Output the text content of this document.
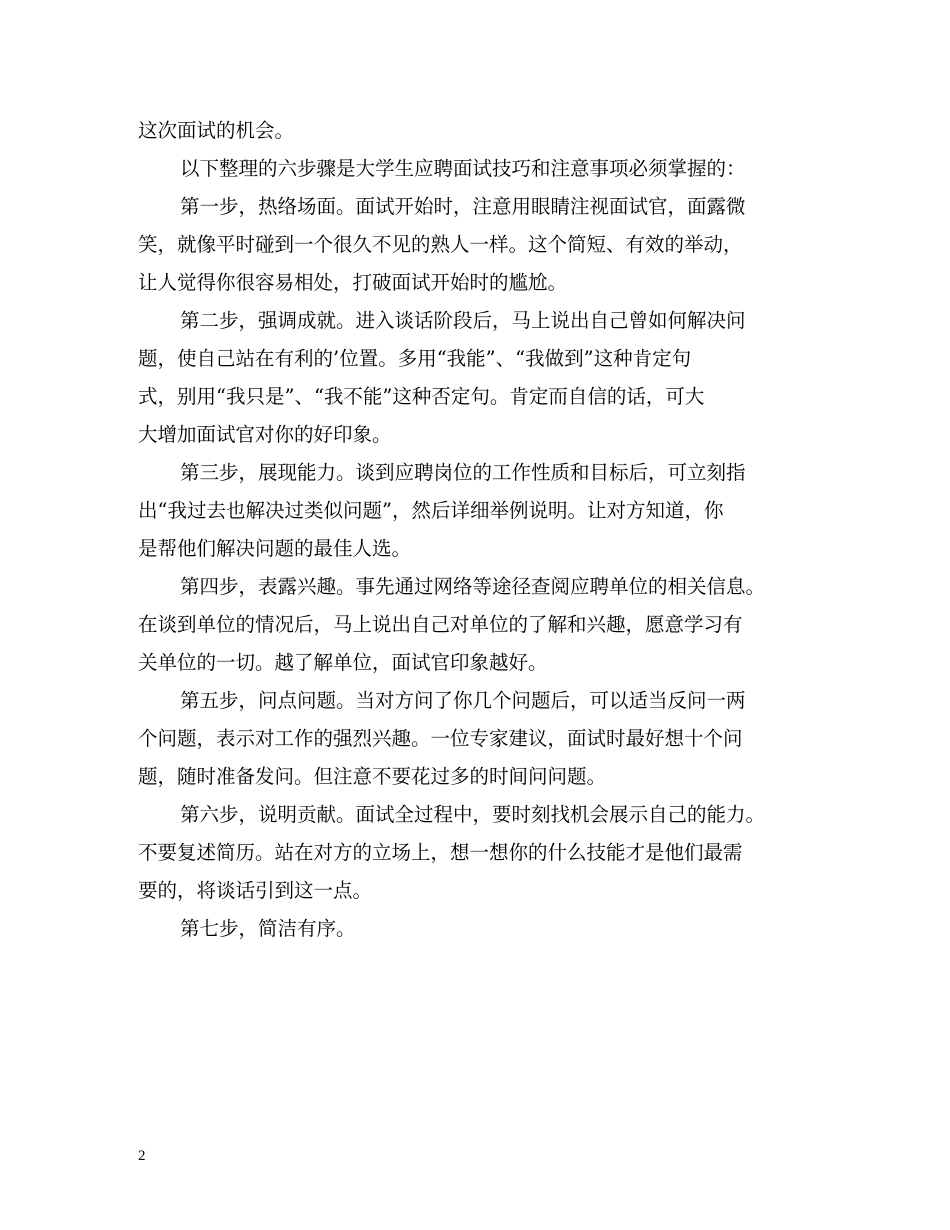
这次面试的机会。
以下整理的六步骤是大学生应聘面试技巧和注意事项必须掌握的：
第一步，热络场面。面试开始时，注意用眼睛注视面试官，面露微
笑，就像平时碰到一个很久不见的熟人一样。这个简短、有效的举动，
让人觉得你很容易相处，打破面试开始时的尴尬。
第二步，强调成就。进入谈话阶段后，马上说出自己曾如何解决问
题，使自己站在有利的’位置。多用“我能”、“我做到”这种肯定句
式，别用“我只是”、“我不能”这种否定句。肯定而自信的话，可大
大增加面试官对你的好印象。
第三步，展现能力。谈到应聘岗位的工作性质和目标后，可立刻指
出“我过去也解决过类似问题”，然后详细举例说明。让对方知道，你
是帮他们解决问题的最佳人选。
第四步，表露兴趣。事先通过网络等途径查阅应聘单位的相关信息。
在谈到单位的情况后，马上说出自己对单位的了解和兴趣，愿意学习有
关单位的一切。越了解单位，面试官印象越好。
第五步，问点问题。当对方问了你几个问题后，可以适当反问一两
个问题，表示对工作的强烈兴趣。一位专家建议，面试时最好想十个问
题，随时准备发问。但注意不要花过多的时间问问题。
第六步，说明贡献。面试全过程中，要时刻找机会展示自己的能力。
不要复述简历。站在对方的立场上，想一想你的什么技能才是他们最需
要的，将谈话引到这一点。
第七步，简洁有序。
2
